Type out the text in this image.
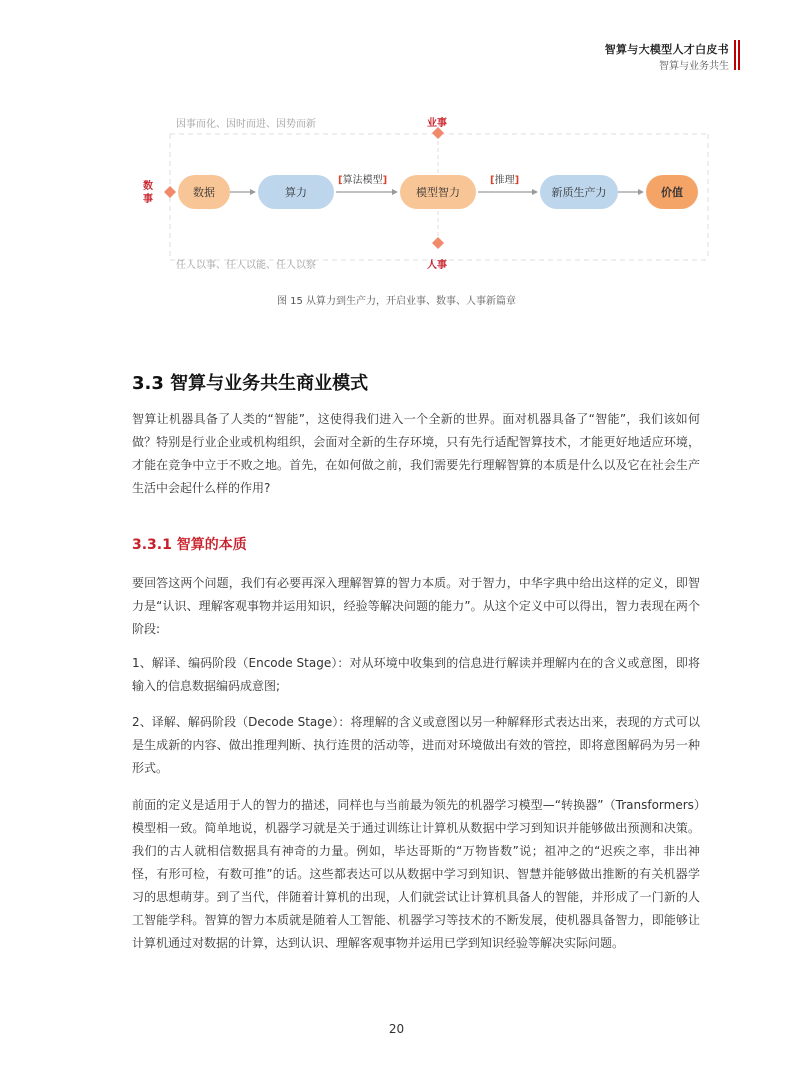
智算与大模型人才白皮书
智算与业务共生
因事而化、因时而进、因势而新	业事
任人以事、任人以能、任人以察	人事
数事
数据	算力	模型智力	新质生产力	价值
[算法模型]	[推理]
图 15 从算力到生产力，开启业事、数事、人事新篇章
3.3 智算与业务共生商业模式
智算让机器具备了人类的“智能”，这使得我们进入一个全新的世界。面对机器具备了“智能”，我们该如何做？特别是行业企业或机构组织，会面对全新的生存环境，只有先行适配智算技术，才能更好地适应环境，才能在竞争中立于不败之地。首先，在如何做之前，我们需要先行理解智算的本质是什么以及它在社会生产生活中会起什么样的作用?
3.3.1 智算的本质
要回答这两个问题，我们有必要再深入理解智算的智力本质。对于智力，中华字典中给出这样的定义，即智力是“认识、理解客观事物并运用知识，经验等解决问题的能力”。从这个定义中可以得出，智力表现在两个阶段:
1、解译、编码阶段（Encode Stage）：对从环境中收集到的信息进行解读并理解内在的含义或意图，即将输入的信息数据编码成意图;
2、译解、解码阶段（Decode Stage）：将理解的含义或意图以另一种解释形式表达出来，表现的方式可以是生成新的内容、做出推理判断、执行连贯的活动等，进而对环境做出有效的管控，即将意图解码为另一种形式。
前面的定义是适用于人的智力的描述，同样也与当前最为领先的机器学习模型—“转换器”（Transformers）模型相一致。简单地说，机器学习就是关于通过训练让计算机从数据中学习到知识并能够做出预测和决策。我们的古人就相信数据具有神奇的力量。例如，毕达哥斯的“万物皆数”说；祖冲之的“迟疾之率，非出神怪，有形可检，有数可推”的话。这些都表达可以从数据中学习到知识、智慧并能够做出推断的有关机器学习的思想萌芽。到了当代，伴随着计算机的出现，人们就尝试让计算机具备人的智能，并形成了一门新的人工智能学科。智算的智力本质就是随着人工智能、机器学习等技术的不断发展，使机器具备智力，即能够让计算机通过对数据的计算，达到认识、理解客观事物并运用已学到知识经验等解决实际问题。
20
